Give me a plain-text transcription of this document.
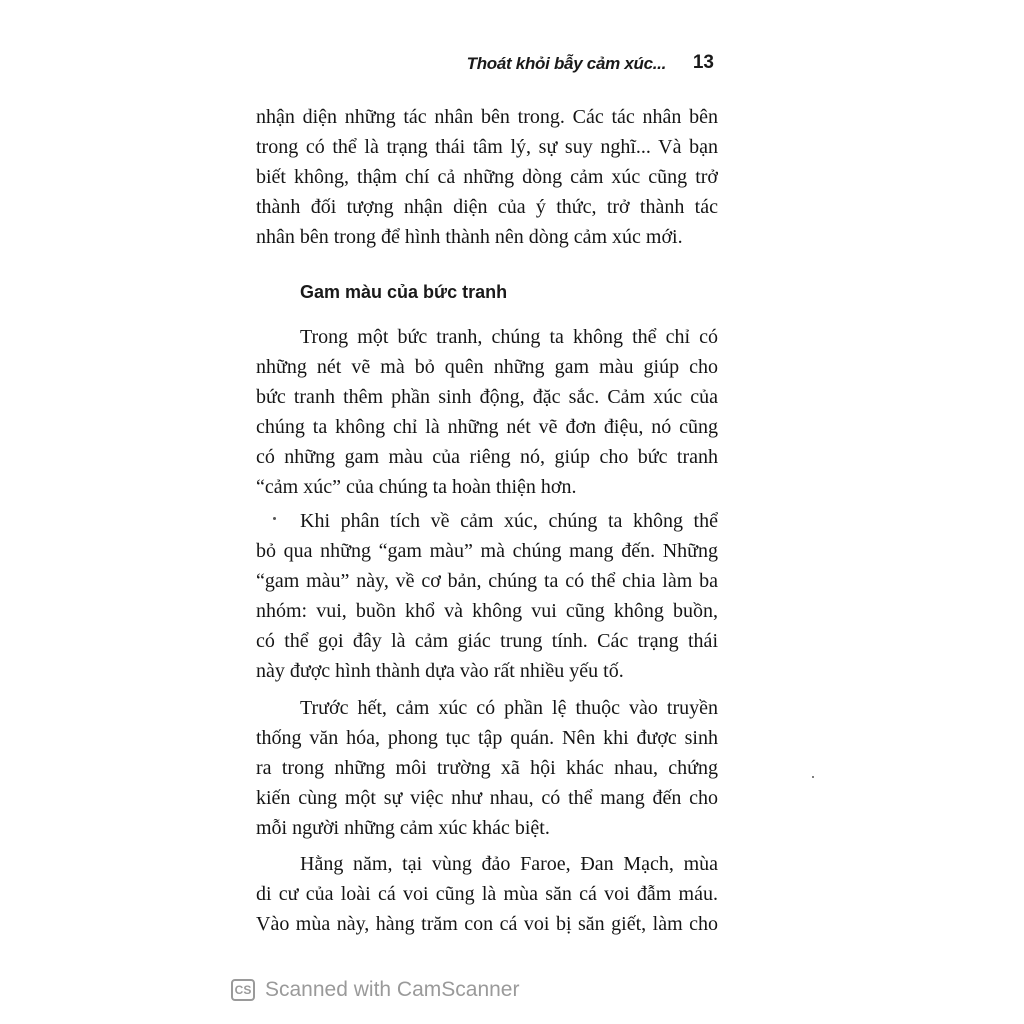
Thoát khỏi bẫy cảm xúc... 13
nhận diện những tác nhân bên trong. Các tác nhân bên
trong có thể là trạng thái tâm lý, sự suy nghĩ... Và bạn
biết không, thậm chí cả những dòng cảm xúc cũng trở
thành đối tượng nhận diện của ý thức, trở thành tác
nhân bên trong để hình thành nên dòng cảm xúc mới.
Gam màu của bức tranh
Trong một bức tranh, chúng ta không thể chỉ có
những nét vẽ mà bỏ quên những gam màu giúp cho
bức tranh thêm phần sinh động, đặc sắc. Cảm xúc của
chúng ta không chỉ là những nét vẽ đơn điệu, nó cũng
có những gam màu của riêng nó, giúp cho bức tranh
“cảm xúc” của chúng ta hoàn thiện hơn.
Khi phân tích về cảm xúc, chúng ta không thể
bỏ qua những “gam màu” mà chúng mang đến. Những
“gam màu” này, về cơ bản, chúng ta có thể chia làm ba
nhóm: vui, buồn khổ và không vui cũng không buồn,
có thể gọi đây là cảm giác trung tính. Các trạng thái
này được hình thành dựa vào rất nhiều yếu tố.
Trước hết, cảm xúc có phần lệ thuộc vào truyền
thống văn hóa, phong tục tập quán. Nên khi được sinh
ra trong những môi trường xã hội khác nhau, chứng
kiến cùng một sự việc như nhau, có thể mang đến cho
mỗi người những cảm xúc khác biệt.
Hằng năm, tại vùng đảo Faroe, Đan Mạch, mùa
di cư của loài cá voi cũng là mùa săn cá voi đẫm máu.
Vào mùa này, hàng trăm con cá voi bị săn giết, làm cho
CS Scanned with CamScanner
